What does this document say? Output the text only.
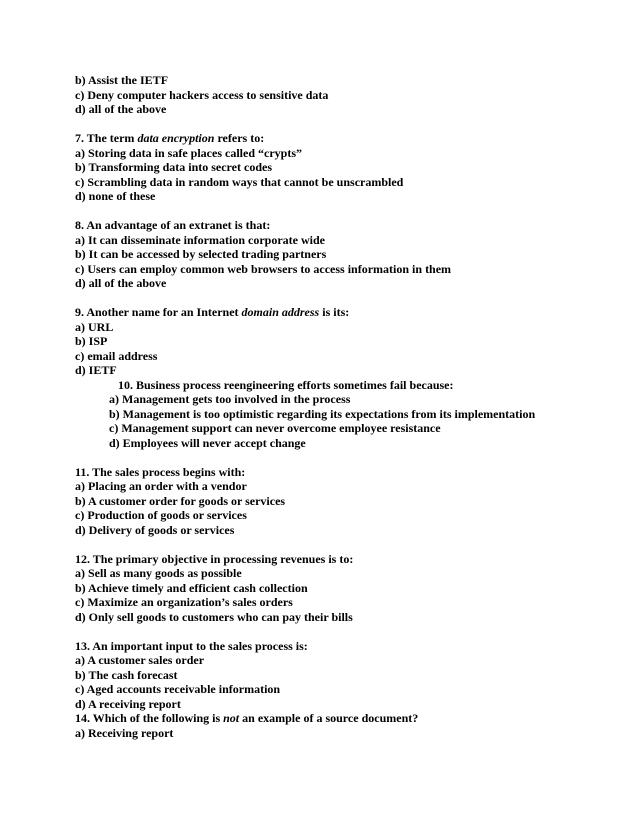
b) Assist the IETF
c) Deny computer hackers access to sensitive data
d) all of the above
7. The term data encryption refers to:
a) Storing data in safe places called “crypts”
b) Transforming data into secret codes
c) Scrambling data in random ways that cannot be unscrambled
d) none of these
8. An advantage of an extranet is that:
a) It can disseminate information corporate wide
b) It can be accessed by selected trading partners
c) Users can employ common web browsers to access information in them
d) all of the above
9. Another name for an Internet domain address is its:
a) URL
b) ISP
c) email address
d) IETF
10. Business process reengineering efforts sometimes fail because:
a) Management gets too involved in the process
b) Management is too optimistic regarding its expectations from its implementation
c) Management support can never overcome employee resistance
d) Employees will never accept change
11. The sales process begins with:
a) Placing an order with a vendor
b) A customer order for goods or services
c) Production of goods or services
d) Delivery of goods or services
12. The primary objective in processing revenues is to:
a) Sell as many goods as possible
b) Achieve timely and efficient cash collection
c) Maximize an organization’s sales orders
d) Only sell goods to customers who can pay their bills
13. An important input to the sales process is:
a) A customer sales order
b) The cash forecast
c) Aged accounts receivable information
d) A receiving report
14. Which of the following is not an example of a source document?
a) Receiving report
